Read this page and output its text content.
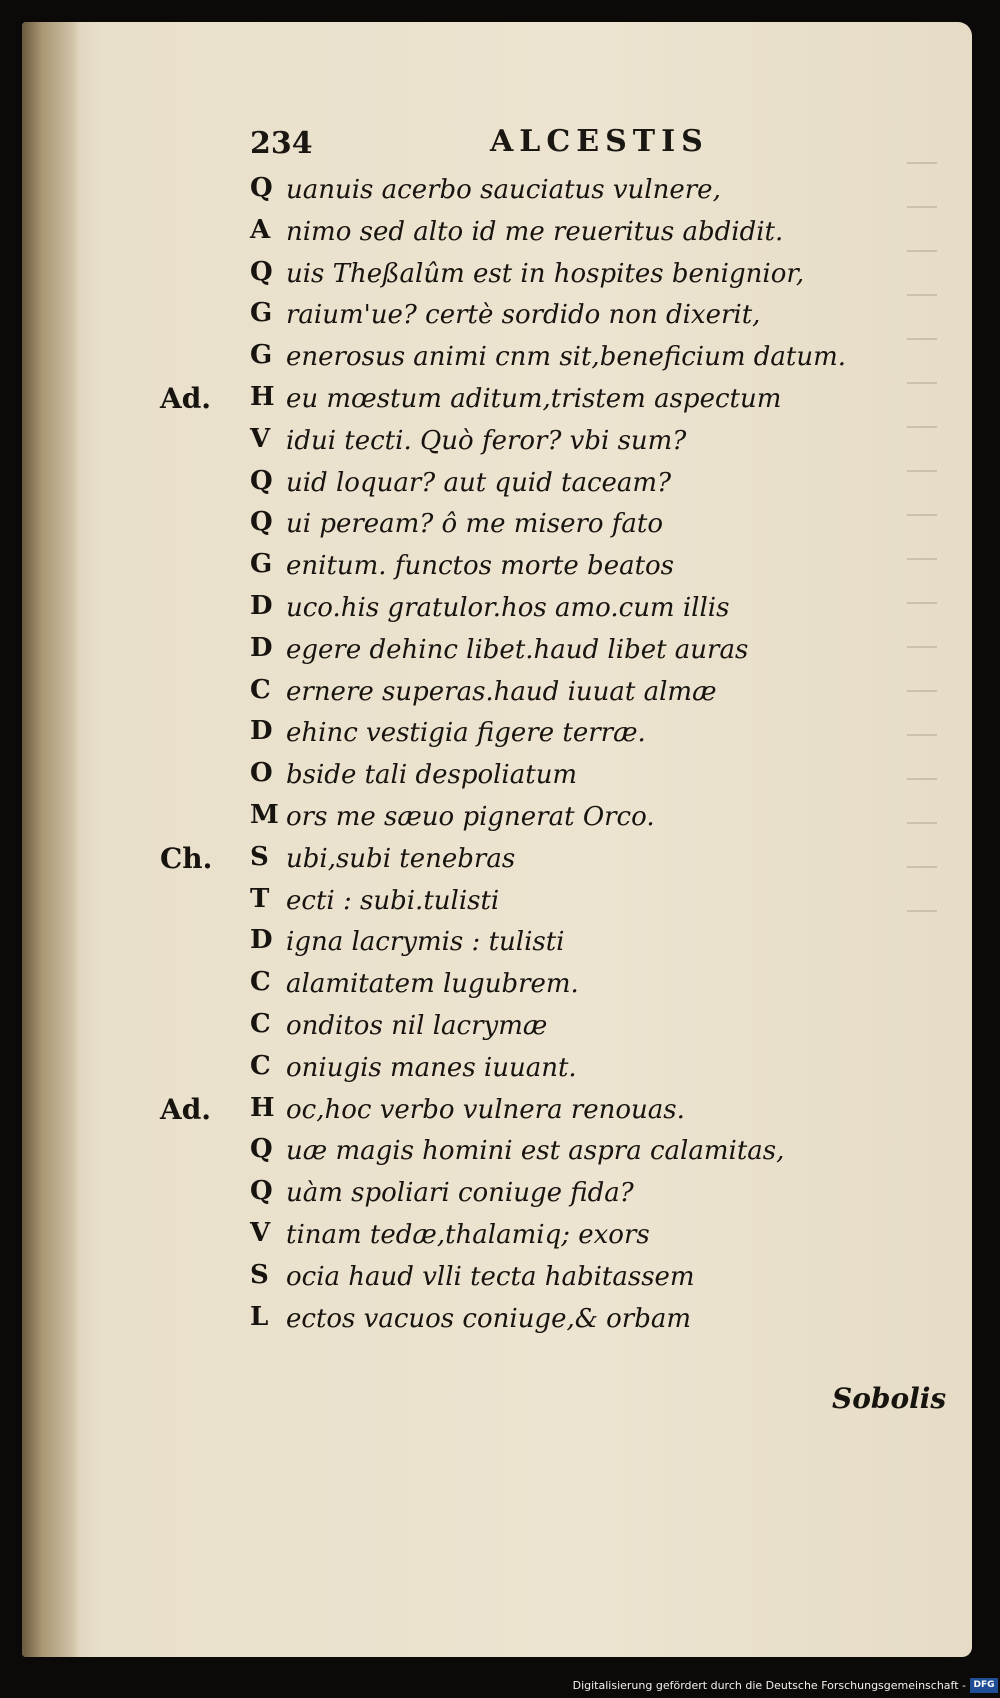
234	ALCESTIS
Q uanuis acerbo sauciatus vulnere,
A nimo sed alto id me reueritus abdidit.
Q uis Theßalûm est in hospites benignior,
G raium'ue? certè sordido non dixerit,
G enerosus animi cnm sit,beneficium datum.
Ad.	H eu mœstum aditum,tristem aspectum
V idui tecti. Quò feror? vbi sum?
Q uid loquar? aut quid taceam?
Q ui peream? ô me misero fato
G enitum. functos morte beatos
D uco.his gratulor.hos amo.cum illis
D egere dehinc libet.haud libet auras
C ernere superas.haud iuuat almæ
D ehinc vestigia figere terræ.
O bside tali despoliatum
M ors me sæuo pignerat Orco.
Ch.	S ubi,subi tenebras
T ecti : subi.tulisti
D igna lacrymis : tulisti
C alamitatem lugubrem.
C onditos nil lacrymæ
C oniugis manes iuuant.
Ad.	H oc,hoc verbo vulnera renouas.
Q uæ magis homini est aspra calamitas,
Q uàm spoliari coniuge fida?
V tinam tedæ,thalamiq; exors
S ocia haud vlli tecta habitassem
L ectos vacuos coniuge,& orbam
Sobolis
Digitalisierung gefördert durch die Deutsche Forschungsgemeinschaft - DFG
